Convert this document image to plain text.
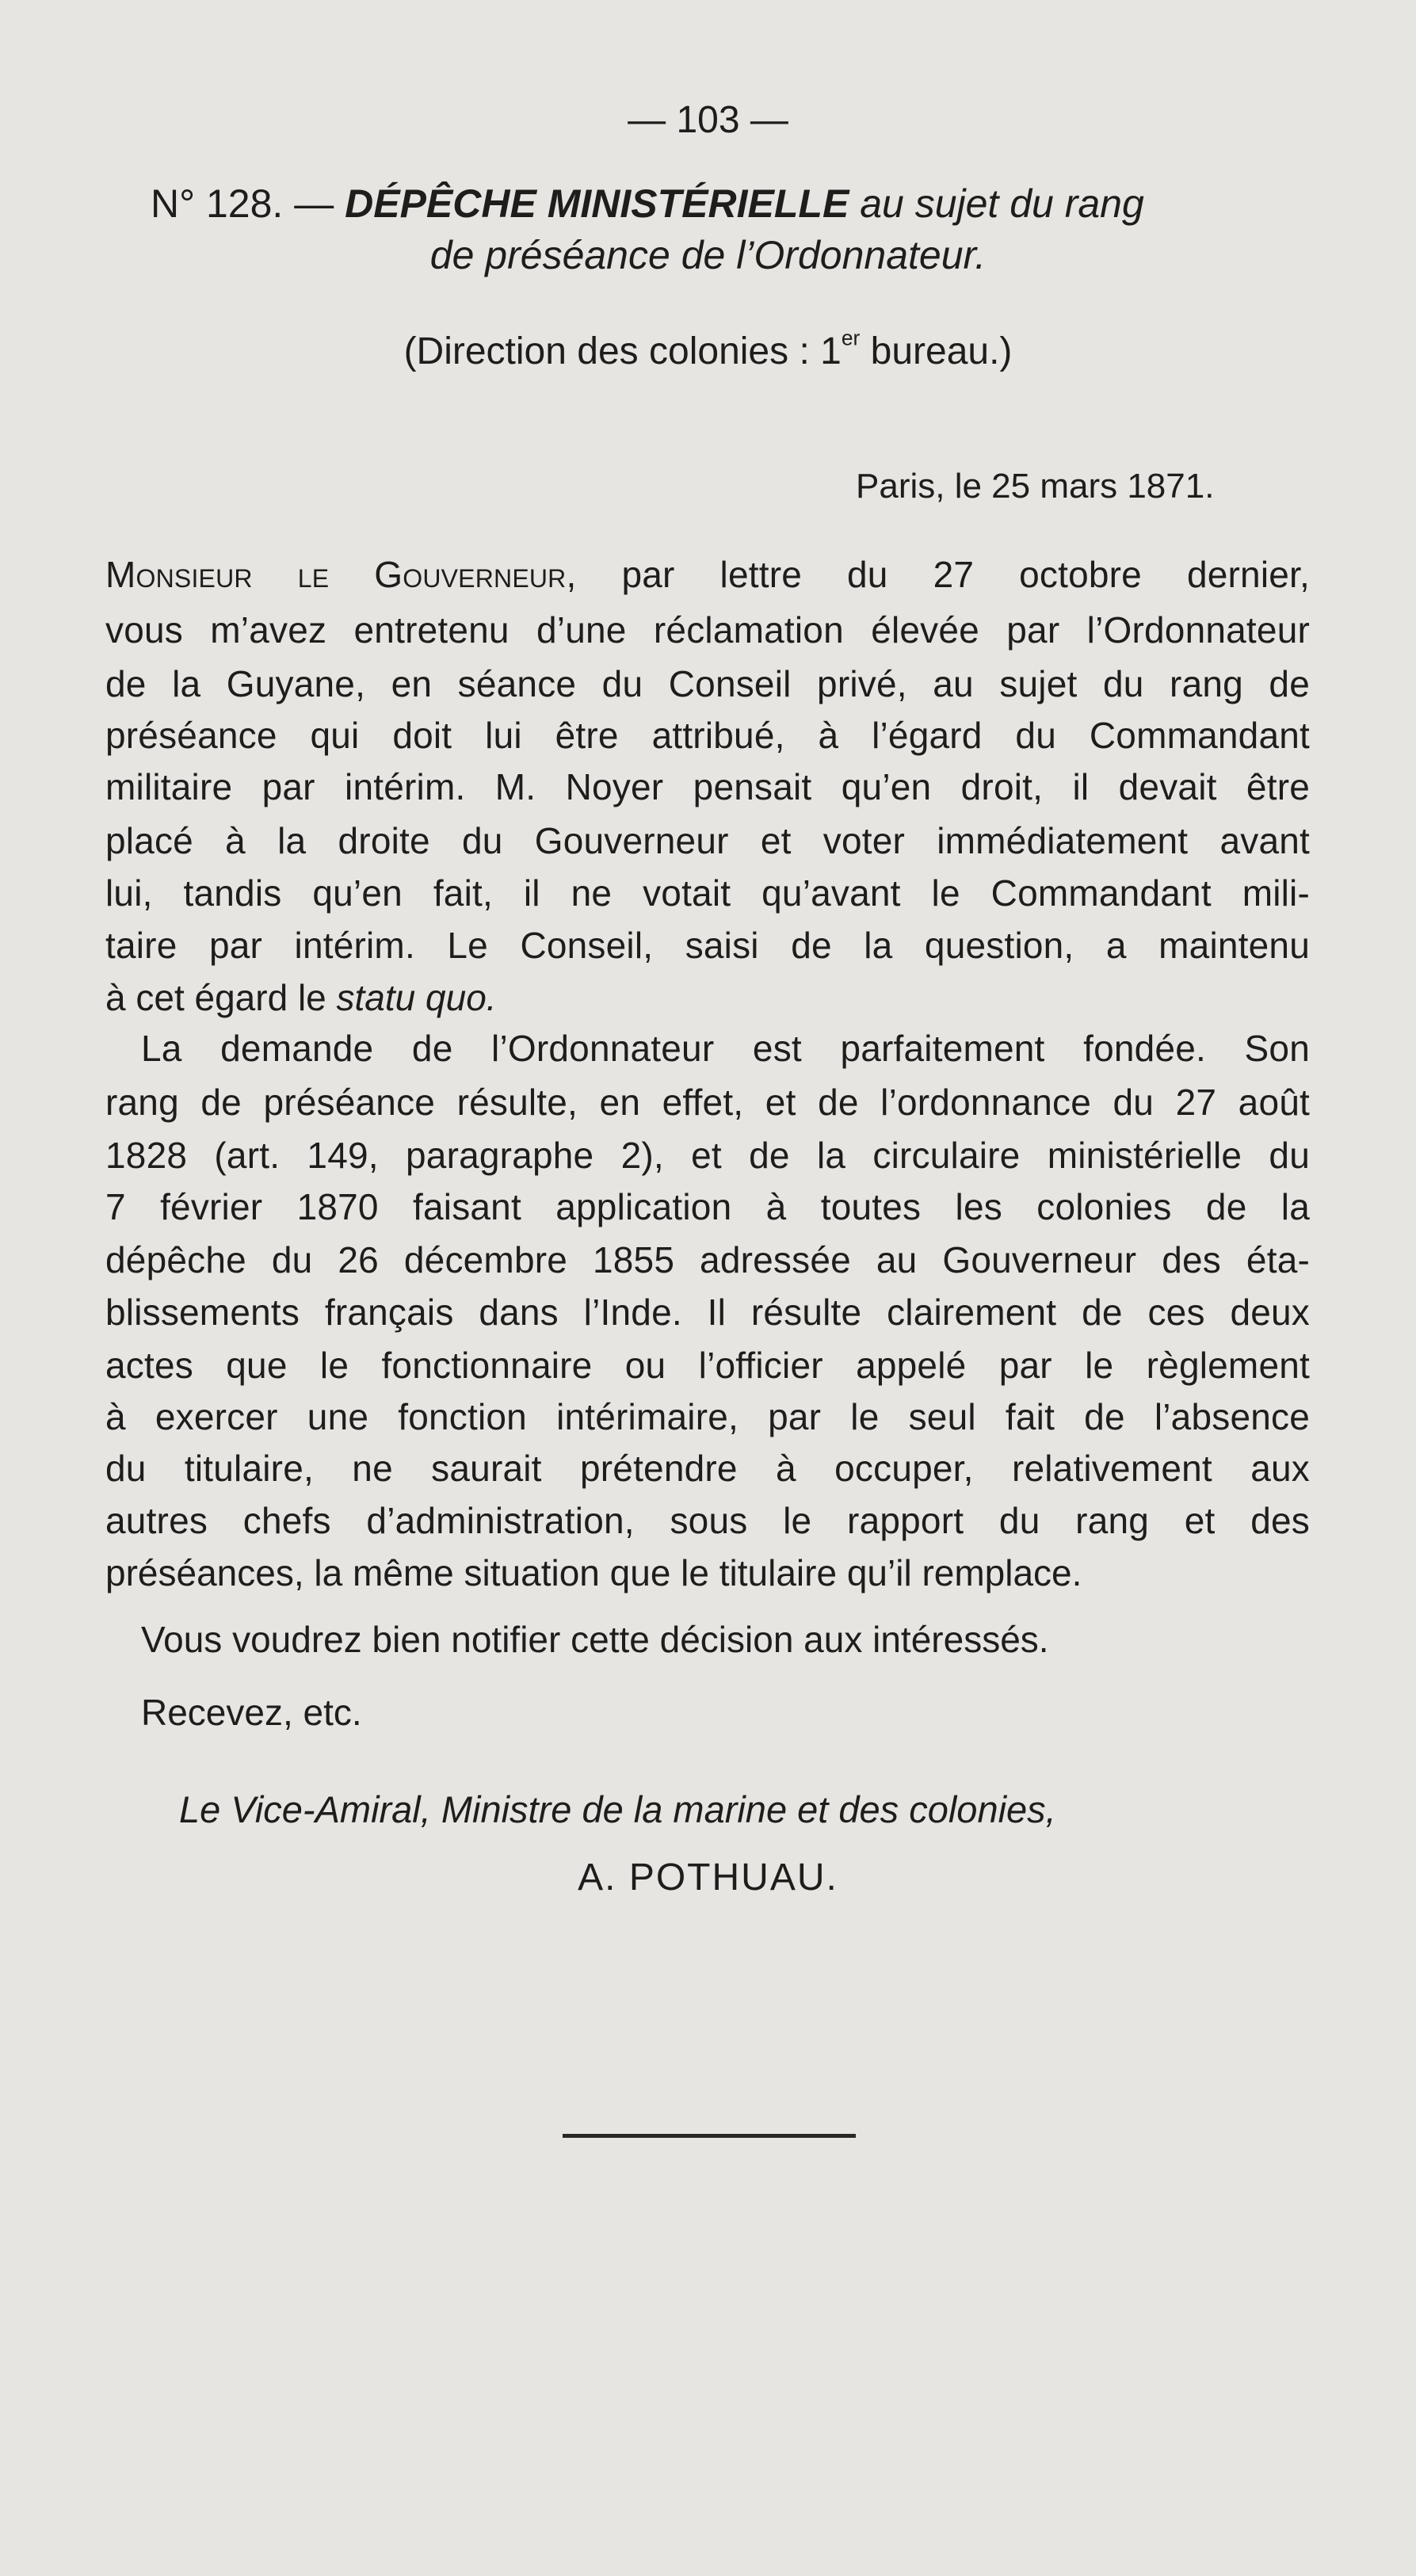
— 103 —
N° 128. — DÉPÊCHE MINISTÉRIELLE au sujet du rang
de préséance de l’Ordonnateur.
(Direction des colonies : 1er bureau.)
Paris, le 25 mars 1871.
Monsieur le Gouverneur, par lettre du 27 octobre dernier,
vous m’avez entretenu d’une réclamation élevée par l’Ordonnateur
de la Guyane, en séance du Conseil privé, au sujet du rang de
préséance qui doit lui être attribué, à l’égard du Commandant
militaire par intérim. M. Noyer pensait qu’en droit, il devait être
placé à la droite du Gouverneur et voter immédiatement avant
lui, tandis qu’en fait, il ne votait qu’avant le Commandant mili-
taire par intérim. Le Conseil, saisi de la question, a maintenu
à cet égard le statu quo.
La demande de l’Ordonnateur est parfaitement fondée. Son
rang de préséance résulte, en effet, et de l’ordonnance du 27 août
1828 (art. 149, paragraphe 2), et de la circulaire ministérielle du
7 février 1870 faisant application à toutes les colonies de la
dépêche du 26 décembre 1855 adressée au Gouverneur des éta-
blissements français dans l’Inde. Il résulte clairement de ces deux
actes que le fonctionnaire ou l’officier appelé par le règlement
à exercer une fonction intérimaire, par le seul fait de l’absence
du titulaire, ne saurait prétendre à occuper, relativement aux
autres chefs d’administration, sous le rapport du rang et des
préséances, la même situation que le titulaire qu’il remplace.
Vous voudrez bien notifier cette décision aux intéressés.
Recevez, etc.
Le Vice-Amiral, Ministre de la marine et des colonies,
A. POTHUAU.
